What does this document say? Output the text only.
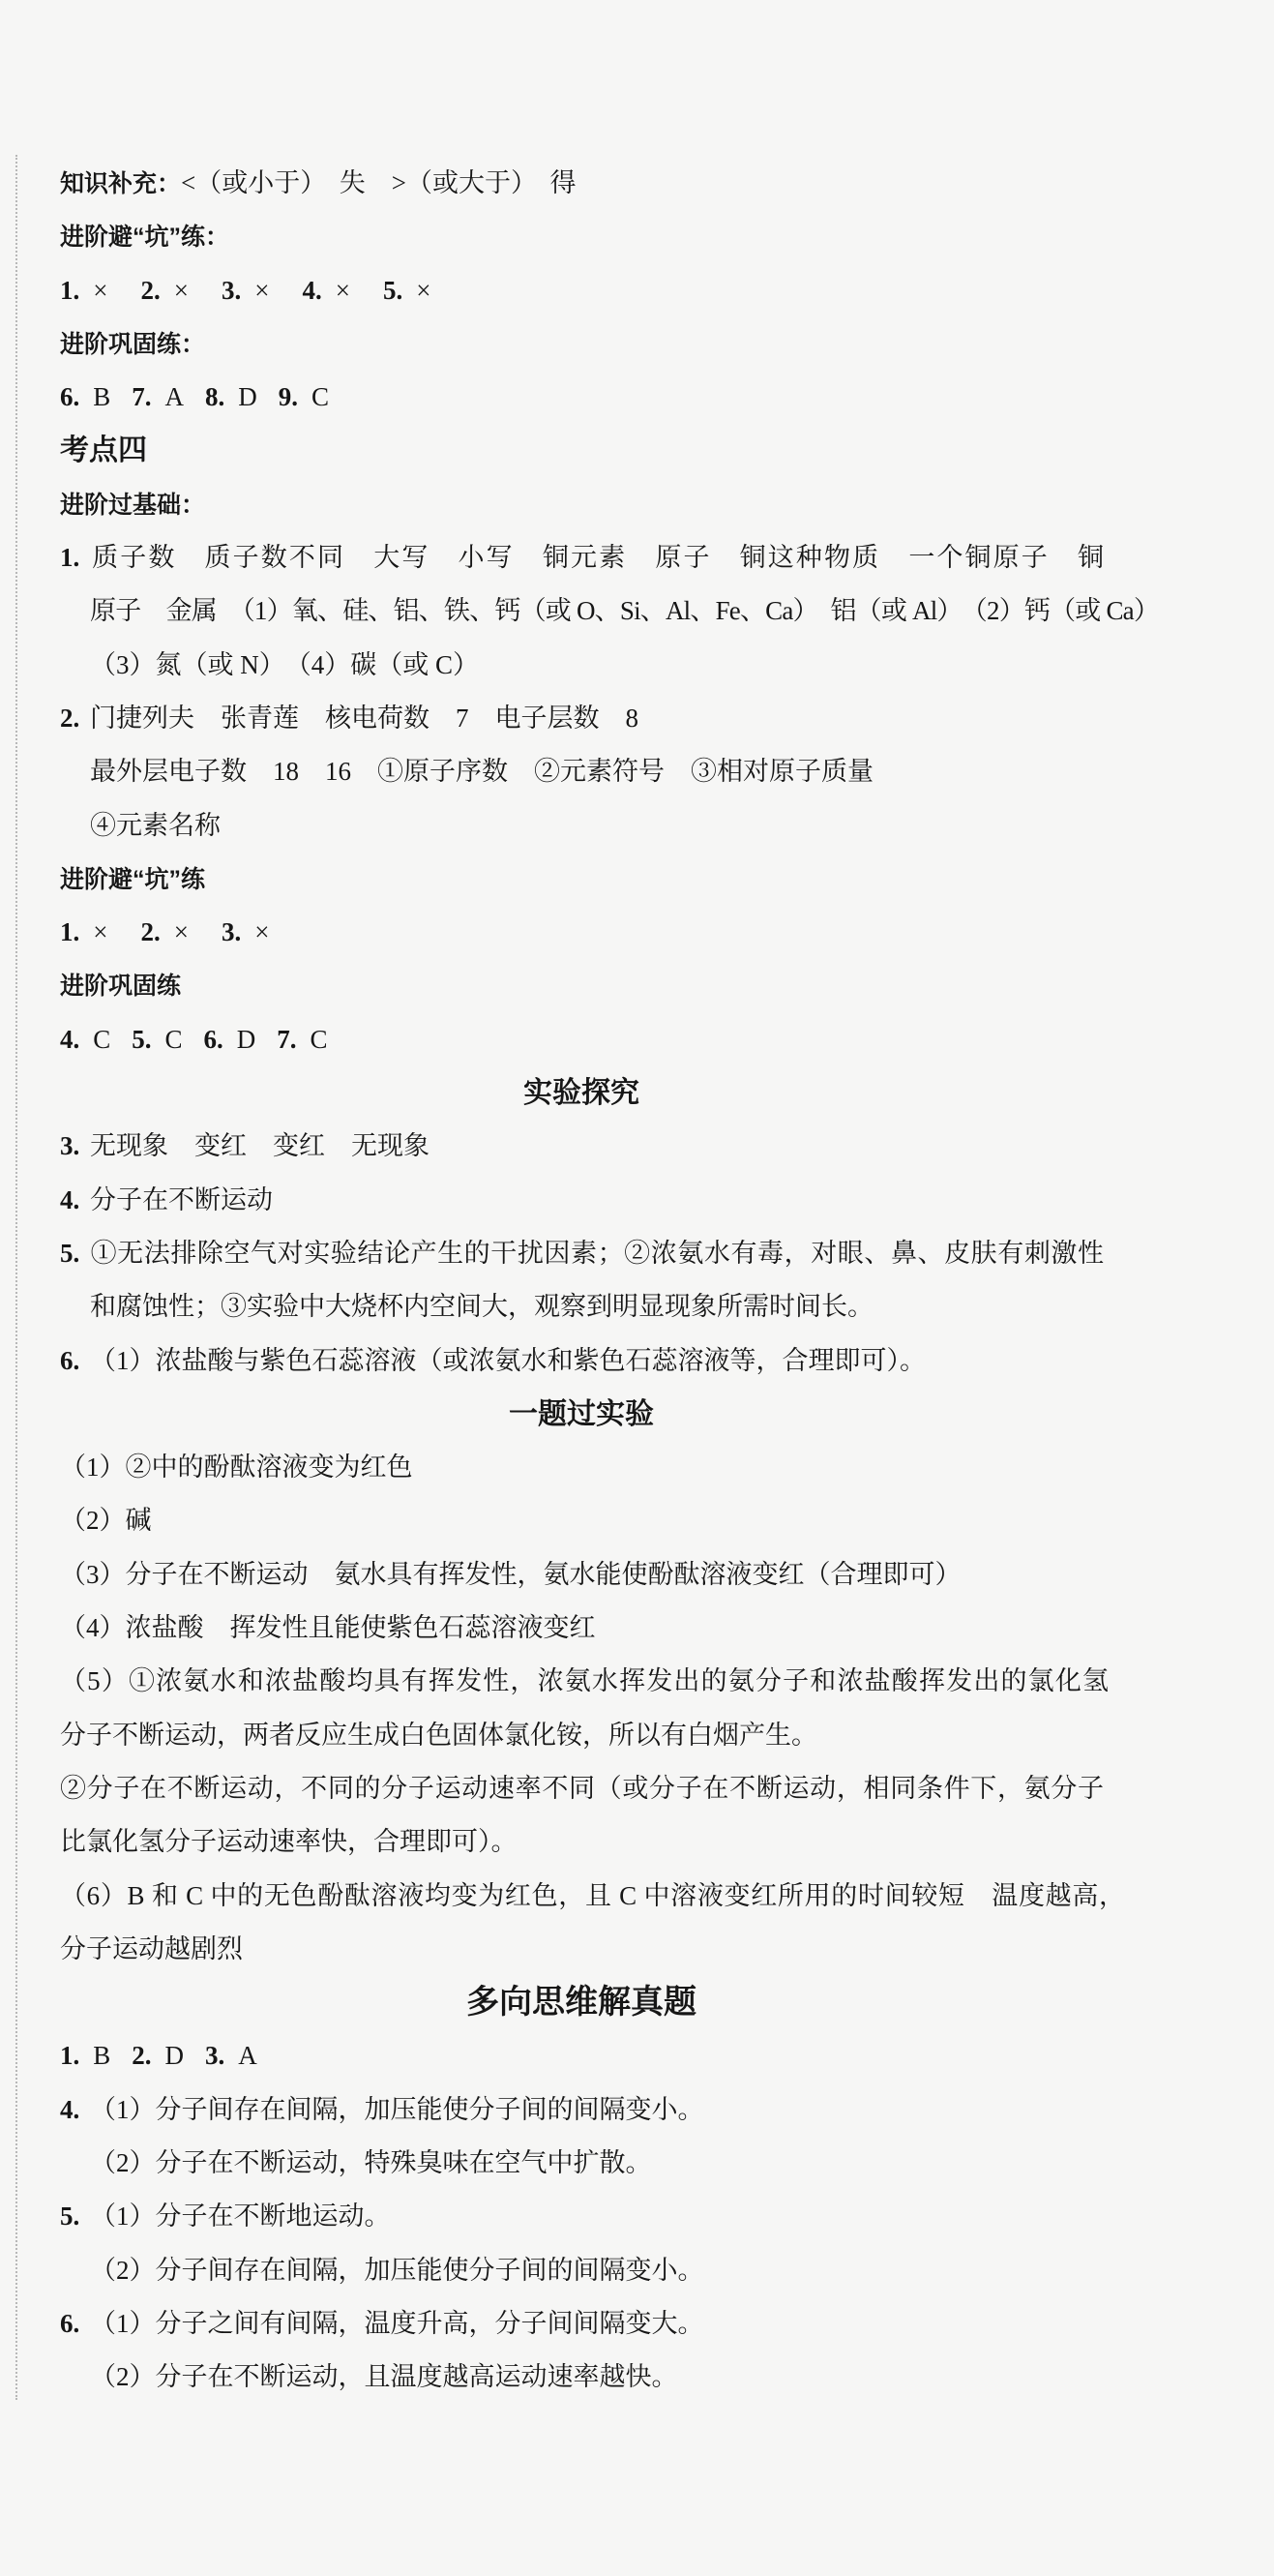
知识补充：<（或小于）　失　>（或大于）　得
进阶避“坑”练：
1. × 2. × 3. × 4. × 5. ×
进阶巩固练：
6. B 7. A 8. D 9. C
考点四
进阶过基础：
1. 质子数　质子数不同　大写　小写　铜元素　原子　铜这种物质　一个铜原子　铜
原子　金属　（1）氧、硅、铝、铁、钙（或 O、Si、Al、Fe、Ca）　铝（或 Al）　（2）钙（或 Ca）
（3）氮（或 N）　（4）碳（或 C）
2. 门捷列夫　张青莲　核电荷数　7　电子层数　8
最外层电子数　18　16　①原子序数　②元素符号　③相对原子质量
④元素名称
进阶避“坑”练
1. × 2. × 3. ×
进阶巩固练
4. C 5. C 6. D 7. C
实验探究
3. 无现象　变红　变红　无现象
4. 分子在不断运动
5. ①无法排除空气对实验结论产生的干扰因素；②浓氨水有毒，对眼、鼻、皮肤有刺激性
和腐蚀性；③实验中大烧杯内空间大，观察到明显现象所需时间长。
6. （1）浓盐酸与紫色石蕊溶液（或浓氨水和紫色石蕊溶液等，合理即可）。
一题过实验
（1）②中的酚酞溶液变为红色
（2）碱
（3）分子在不断运动　氨水具有挥发性，氨水能使酚酞溶液变红（合理即可）
（4）浓盐酸　挥发性且能使紫色石蕊溶液变红
（5）①浓氨水和浓盐酸均具有挥发性，浓氨水挥发出的氨分子和浓盐酸挥发出的氯化氢
分子不断运动，两者反应生成白色固体氯化铵，所以有白烟产生。
②分子在不断运动，不同的分子运动速率不同（或分子在不断运动，相同条件下，氨分子
比氯化氢分子运动速率快，合理即可）。
（6）B 和 C 中的无色酚酞溶液均变为红色，且 C 中溶液变红所用的时间较短　温度越高，
分子运动越剧烈
多向思维解真题
1. B 2. D 3. A
4. （1）分子间存在间隔，加压能使分子间的间隔变小。
（2）分子在不断运动，特殊臭味在空气中扩散。
5. （1）分子在不断地运动。
（2）分子间存在间隔，加压能使分子间的间隔变小。
6. （1）分子之间有间隔，温度升高，分子间间隔变大。
（2）分子在不断运动，且温度越高运动速率越快。
